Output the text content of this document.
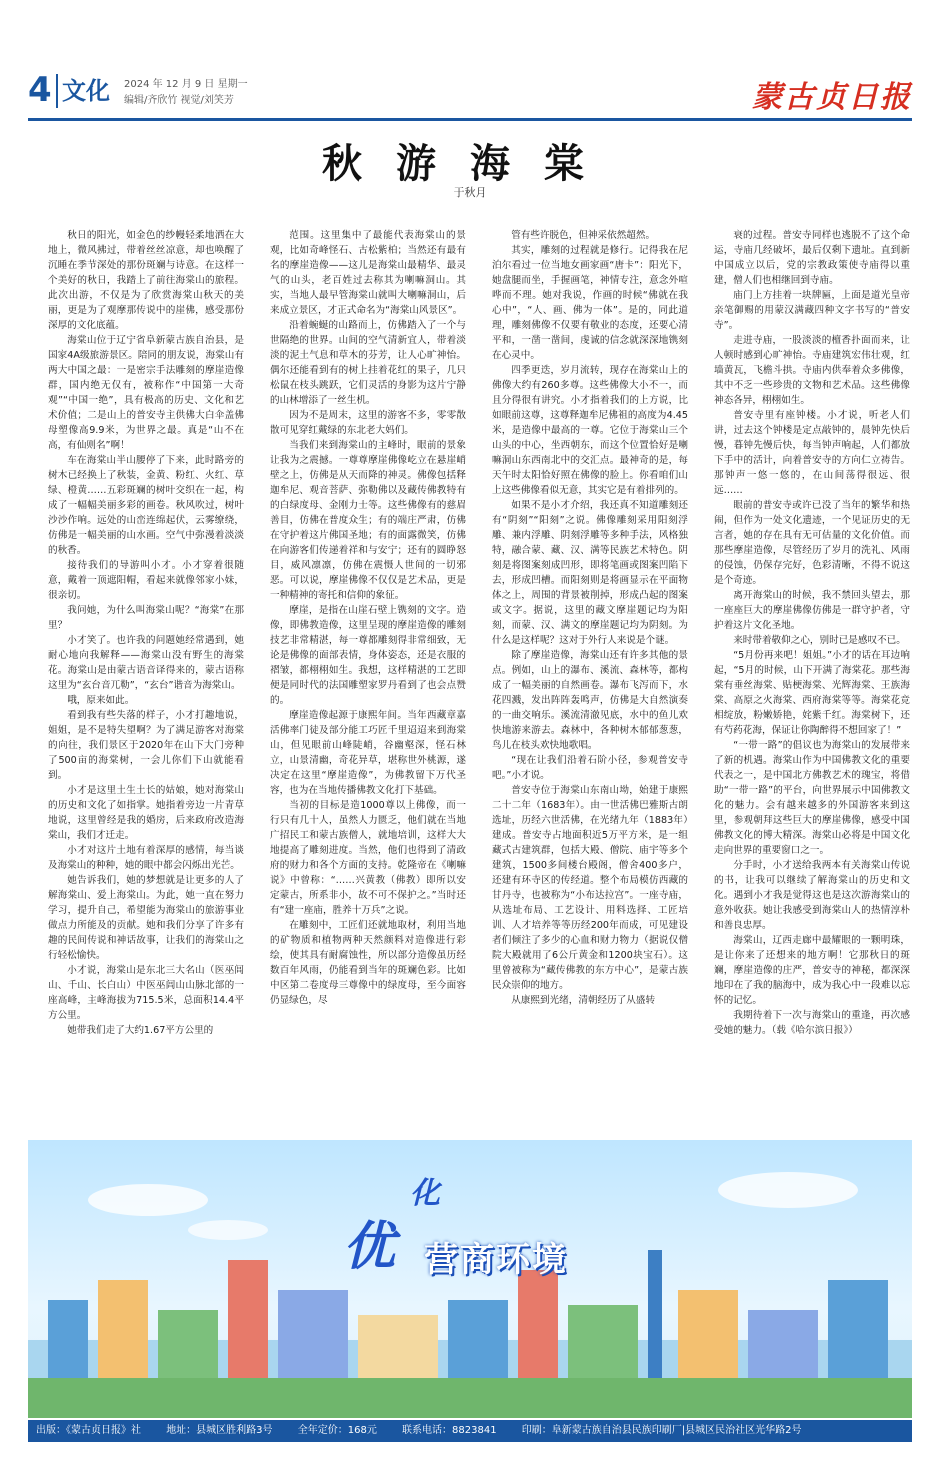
4 文化 2024 年 12 月 9 日 星期一
编辑/齐欣竹 视觉/刘笑芳	蒙古贞日报
秋游海棠
于秋月

秋日的阳光，如金色的纱幔轻柔地洒在大地上，微风拂过，带着丝丝凉意，却也唤醒了沉睡在季节深处的那份斑斓与诗意。在这样一个美好的秋日，我踏上了前往海棠山的旅程。此次出游，不仅是为了欣赏海棠山秋天的美丽，更是为了观摩那传说中的崖佛，感受那份深厚的文化底蕴。

海棠山位于辽宁省阜新蒙古族自治县，是国家4A级旅游景区。陪同的朋友说，海棠山有两大中国之最：一是密宗手法雕刻的摩崖造像群，国内绝无仅有，被称作“中国第一大奇观”“中国一绝”，具有极高的历史、文化和艺术价值；二是山上的普安寺主供佛大白伞盖佛母塑像高9.9米，为世界之最。真是“山不在高，有仙则名”啊！

车在海棠山半山腰停了下来，此时路旁的树木已经换上了秋装，金黄、粉红、火红、草绿、橙黄……五彩斑斓的树叶交织在一起，构成了一幅幅美丽多彩的画卷。秋风吹过，树叶沙沙作响。远处的山峦连绵起伏，云雾缭绕，仿佛是一幅美丽的山水画。空气中弥漫着淡淡的秋香。

接待我们的导游叫小才。小才穿着很随意，戴着一顶遮阳帽，看起来就像邻家小妹，很亲切。

我问她，为什么叫海棠山呢？“海棠”在那里？

小才笑了。也许我的问题她经常遇到，她耐心地向我解释——海棠山没有野生的海棠花。海棠山是由蒙古语音译得来的，蒙古语称这里为“玄台音兀勒”，“玄台”谐音为海棠山。

哦，原来如此。

看到我有些失落的样子，小才打趣地说，姐姐，是不是特失望啊？为了满足游客对海棠的向往，我们景区于2020年在山下大门旁种了500亩的海棠树，一会儿你们下山就能看到。

小才是这里土生土长的姑娘，她对海棠山的历史和文化了如指掌。她指着旁边一片青草地说，这里曾经是我的婚房，后来政府改造海棠山，我们才迁走。

小才对这片土地有着深厚的感情，每当谈及海棠山的种种，她的眼中都会闪烁出光芒。

她告诉我们，她的梦想就是让更多的人了解海棠山、爱上海棠山。为此，她一直在努力学习，提升自己，希望能为海棠山的旅游事业做点力所能及的贡献。她和我们分享了许多有趣的民间传说和神话故事，让我们的海棠山之行轻松愉快。

小才说，海棠山是东北三大名山（医巫闾山、千山、长白山）中医巫闾山山脉北部的一座高峰，主峰海拔为715.5米，总面积14.4平方公里。

她带我们走了大约1.67平方公里的

范围。这里集中了最能代表海棠山的景观，比如奇峰怪石、古松紫柏；当然还有最有名的摩崖造像——这儿是海棠山最精华、最灵气的山头，老百姓过去称其为喇嘛洞山。其实，当地人最早管海棠山就叫大喇嘛洞山，后来成立景区，才正式命名为“海棠山风景区”。

沿着蜿蜒的山路而上，仿佛踏入了一个与世隔绝的世界。山间的空气清新宜人，带着淡淡的泥土气息和草木的芬芳，让人心旷神怡。偶尔还能看到有的树上挂着花红的果子，几只松鼠在枝头跳跃，它们灵活的身影为这片宁静的山林增添了一丝生机。

因为不是周末，这里的游客不多，零零散散可见穿红戴绿的东北老大妈们。

当我们来到海棠山的主峰时，眼前的景象让我为之震撼。一尊尊摩崖佛像屹立在悬崖峭壁之上，仿佛是从天而降的神灵。佛像包括释迦牟尼、观音菩萨、弥勒佛以及藏传佛教特有的白绿度母、金刚力士等。这些佛像有的慈眉善目，仿佛在普度众生；有的端庄严肃，仿佛在守护着这片佛国圣地；有的面露微笑，仿佛在向游客们传递着祥和与安宁；还有的圆睁怒目，威风凛凛，仿佛在震慑人世间的一切邪恶。可以说，摩崖佛像不仅仅是艺术品，更是一种精神的寄托和信仰的象征。

摩崖，是指在山崖石壁上镌刻的文字。造像，即佛教造像，这里呈现的摩崖造像的雕刻技艺非常精湛，每一尊都雕刻得非常细致，无论是佛像的面部表情，身体姿态，还是衣服的褶皱，都栩栩如生。我想，这样精湛的工艺即便是同时代的法国雕塑家罗丹看到了也会点赞的。

摩崖造像起源于康熙年间。当年西藏章嘉活佛率门徒及部分能工巧匠千里迢迢来到海棠山，但见眼前山峰陡峭，谷幽壑深，怪石林立，山景清幽，奇花异草，堪称世外桃源，遂决定在这里“摩崖造像”，为佛教留下万代圣容，也为在当地传播佛教文化打下基础。

当初的目标是造1000尊以上佛像，而一行只有几十人，虽然人力匮乏，他们就在当地广招民工和蒙古族僧人，就地培训，这样大大地提高了雕刻进度。当然，他们也得到了清政府的财力和各个方面的支持。乾隆帝在《喇嘛说》中曾称：“……兴黄教（佛教）即所以安定蒙古，所系非小，故不可不保护之。”当时还有“建一座庙，胜养十万兵”之说。

在雕刻中，工匠们还就地取材，利用当地的矿物质和植物两种天然颜料对造像进行彩绘，使其具有耐腐蚀性，所以部分造像虽历经数百年风雨，仍能看到当年的斑斓色彩。比如中区第二卷度母三尊像中的绿度母，至今面容仍显绿色，尽

管有些许脱色，但神采依然超然。

其实，雕刻的过程就是修行。记得我在尼泊尔看过一位当地女画家画“唐卡”：阳光下，她盘腿而坐，手握画笔，神情专注，意念外喧哗而不理。她对我说，作画的时候“佛就在我心中”，“人、画、佛为一体”。是的，同此道理，雕刻佛像不仅要有敬业的态度，还要心清平和，一凿一凿间，虔诚的信念就深深地镌刻在心灵中。

四季更迭，岁月流转，现存在海棠山上的佛像大约有260多尊。这些佛像大小不一，而且分得很有讲究。小才指着我们的上方说，比如眼前这尊，这尊释迦牟尼佛祖的高度为4.45米，是造像中最高的一尊。它位于海棠山三个山头的中心，坐西朝东，而这个位置恰好是喇嘛洞山东西南北中的交汇点。最神奇的是，每天午时太阳恰好照在佛像的脸上。你看咱们山上这些佛像看似无意，其实它是有着排列的。

如果不是小才介绍，我还真不知道雕刻还有“阴刻”“阳刻”之说。佛像雕刻采用阳刻浮雕、兼内浮雕、阴刻浮雕等多种手法，风格独特，融合蒙、藏、汉、满等民族艺术特色。阴刻是将图案刻成凹形，即将笔画或图案凹陷下去，形成凹槽。而阳刻则是将画显示在平面物体之上，周围的背景被削掉，形成凸起的图案或文字。据说，这里的藏文摩崖题记均为阳刻，而蒙、汉、满文的摩崖题记均为阴刻。为什么是这样呢？这对于外行人来说是个谜。

除了摩崖造像，海棠山还有许多其他的景点。例如，山上的瀑布、溪流、森林等，都构成了一幅美丽的自然画卷。瀑布飞泻而下，水花四溅，发出阵阵轰鸣声，仿佛是大自然演奏的一曲交响乐。溪流清澈见底，水中的鱼儿欢快地游来游去。森林中，各种树木郁郁葱葱，鸟儿在枝头欢快地歌唱。

“现在让我们沿着石阶小径，参观普安寺吧。”小才说。

普安寺位于海棠山东南山坳，始建于康熙二十二年（1683年）。由一世活佛巴雅斯古朗选址，历经六世活佛，在光绪九年（1883年）建成。普安寺占地面积近5万平方米，是一组藏式古建筑群，包括大殿、僧院、庙宇等多个建筑，1500多间楼台殿阁，僧舍400多户，还建有环寺区的传经道。整个布局模仿西藏的甘丹寺，也被称为“小布达拉宫”。一座寺庙，从选址布局、工艺设计、用料选择、工匠培训、人才培养等等历经200年而成，可见建设者们倾注了多少的心血和财力物力（据说仅僧院大殿就用了6公斤黄金和1200块宝石）。这里曾被称为“藏传佛教的东方中心”，是蒙古族民众崇仰的地方。

从康熙到光绪，清朝经历了从盛转

衰的过程。普安寺同样也逃脱不了这个命运，寺庙几经破坏，最后仅剩下遗址。直到新中国成立以后，党的宗教政策使寺庙得以重建，僧人们也相继回到寺庙。

庙门上方挂着一块牌匾，上面是道光皇帝亲笔御赐的用蒙汉满藏四种文字书写的“普安寺”。

走进寺庙，一股淡淡的檀香扑面而来，让人顿时感到心旷神怡。寺庙建筑宏伟壮观，红墙黄瓦，飞檐斗拱。寺庙内供奉着众多佛像，其中不乏一些珍贵的文物和艺术品。这些佛像神态各异，栩栩如生。

普安寺里有座钟楼。小才说，听老人们讲，过去这个钟楼是定点敲钟的，晨钟先快后慢，暮钟先慢后快，每当钟声响起，人们都放下手中的活计，向着普安寺的方向仁立祷告。那钟声一悠一悠的，在山间荡得很远、很远……

眼前的普安寺或许已没了当年的繁华和热闹，但作为一处文化遗迹，一个见证历史的无言者，她的存在具有无可估量的文化价值。而那些摩崖造像，尽管经历了岁月的洗礼、风雨的侵蚀，仍保存完好，色彩清晰，不得不说这是个奇迹。

离开海棠山的时候，我不禁回头望去，那一座座巨大的摩崖佛像仿佛是一群守护者，守护着这片文化圣地。

来时带着敬仰之心，别时已是感叹不已。

“5月份再来吧！姐姐。”小才的话在耳边响起，“5月的时候，山下开满了海棠花。那些海棠有垂丝海棠、贴梗海棠、光辉海棠、王族海棠、高原之火海棠、西府海棠等等。海棠花竞相绽放，粉嫩娇艳，姹紫千红。海棠树下，还有芍药花海，保证让你陶醉得不想回家了！”

“一带一路”的倡议也为海棠山的发展带来了新的机遇。海棠山作为中国佛教文化的重要代表之一，是中国北方佛教艺术的瑰宝，将借助“一带一路”的平台，向世界展示中国佛教文化的魅力。会有越来越多的外国游客来到这里，参观朝拜这些巨大的摩崖佛像，感受中国佛教文化的博大精深。海棠山必将是中国文化走向世界的重要窗口之一。

分手时，小才送给我两本有关海棠山传说的书，让我可以继续了解海棠山的历史和文化。遇到小才我是觉得这也是这次游海棠山的意外收获。她让我感受到海棠山人的热情淳朴和善良忠厚。

海棠山，辽西走廊中最耀眼的一颗明珠，是让你来了还想来的地方啊！它那秋日的斑斓，摩崖造像的庄严，普安寺的神秘，都深深地印在了我的脑海中，成为我心中一段难以忘怀的记忆。

我期待着下一次与海棠山的重逢，再次感受她的魅力。（载《哈尔滨日报》）

化
优 营商环境
出版：《蒙古贞日报》社	地址：县城区胜利路3号	全年定价：168元	联系电话：8823841	印刷：阜新蒙古族自治县民族印刷厂|县城区民治社区光华路2号
